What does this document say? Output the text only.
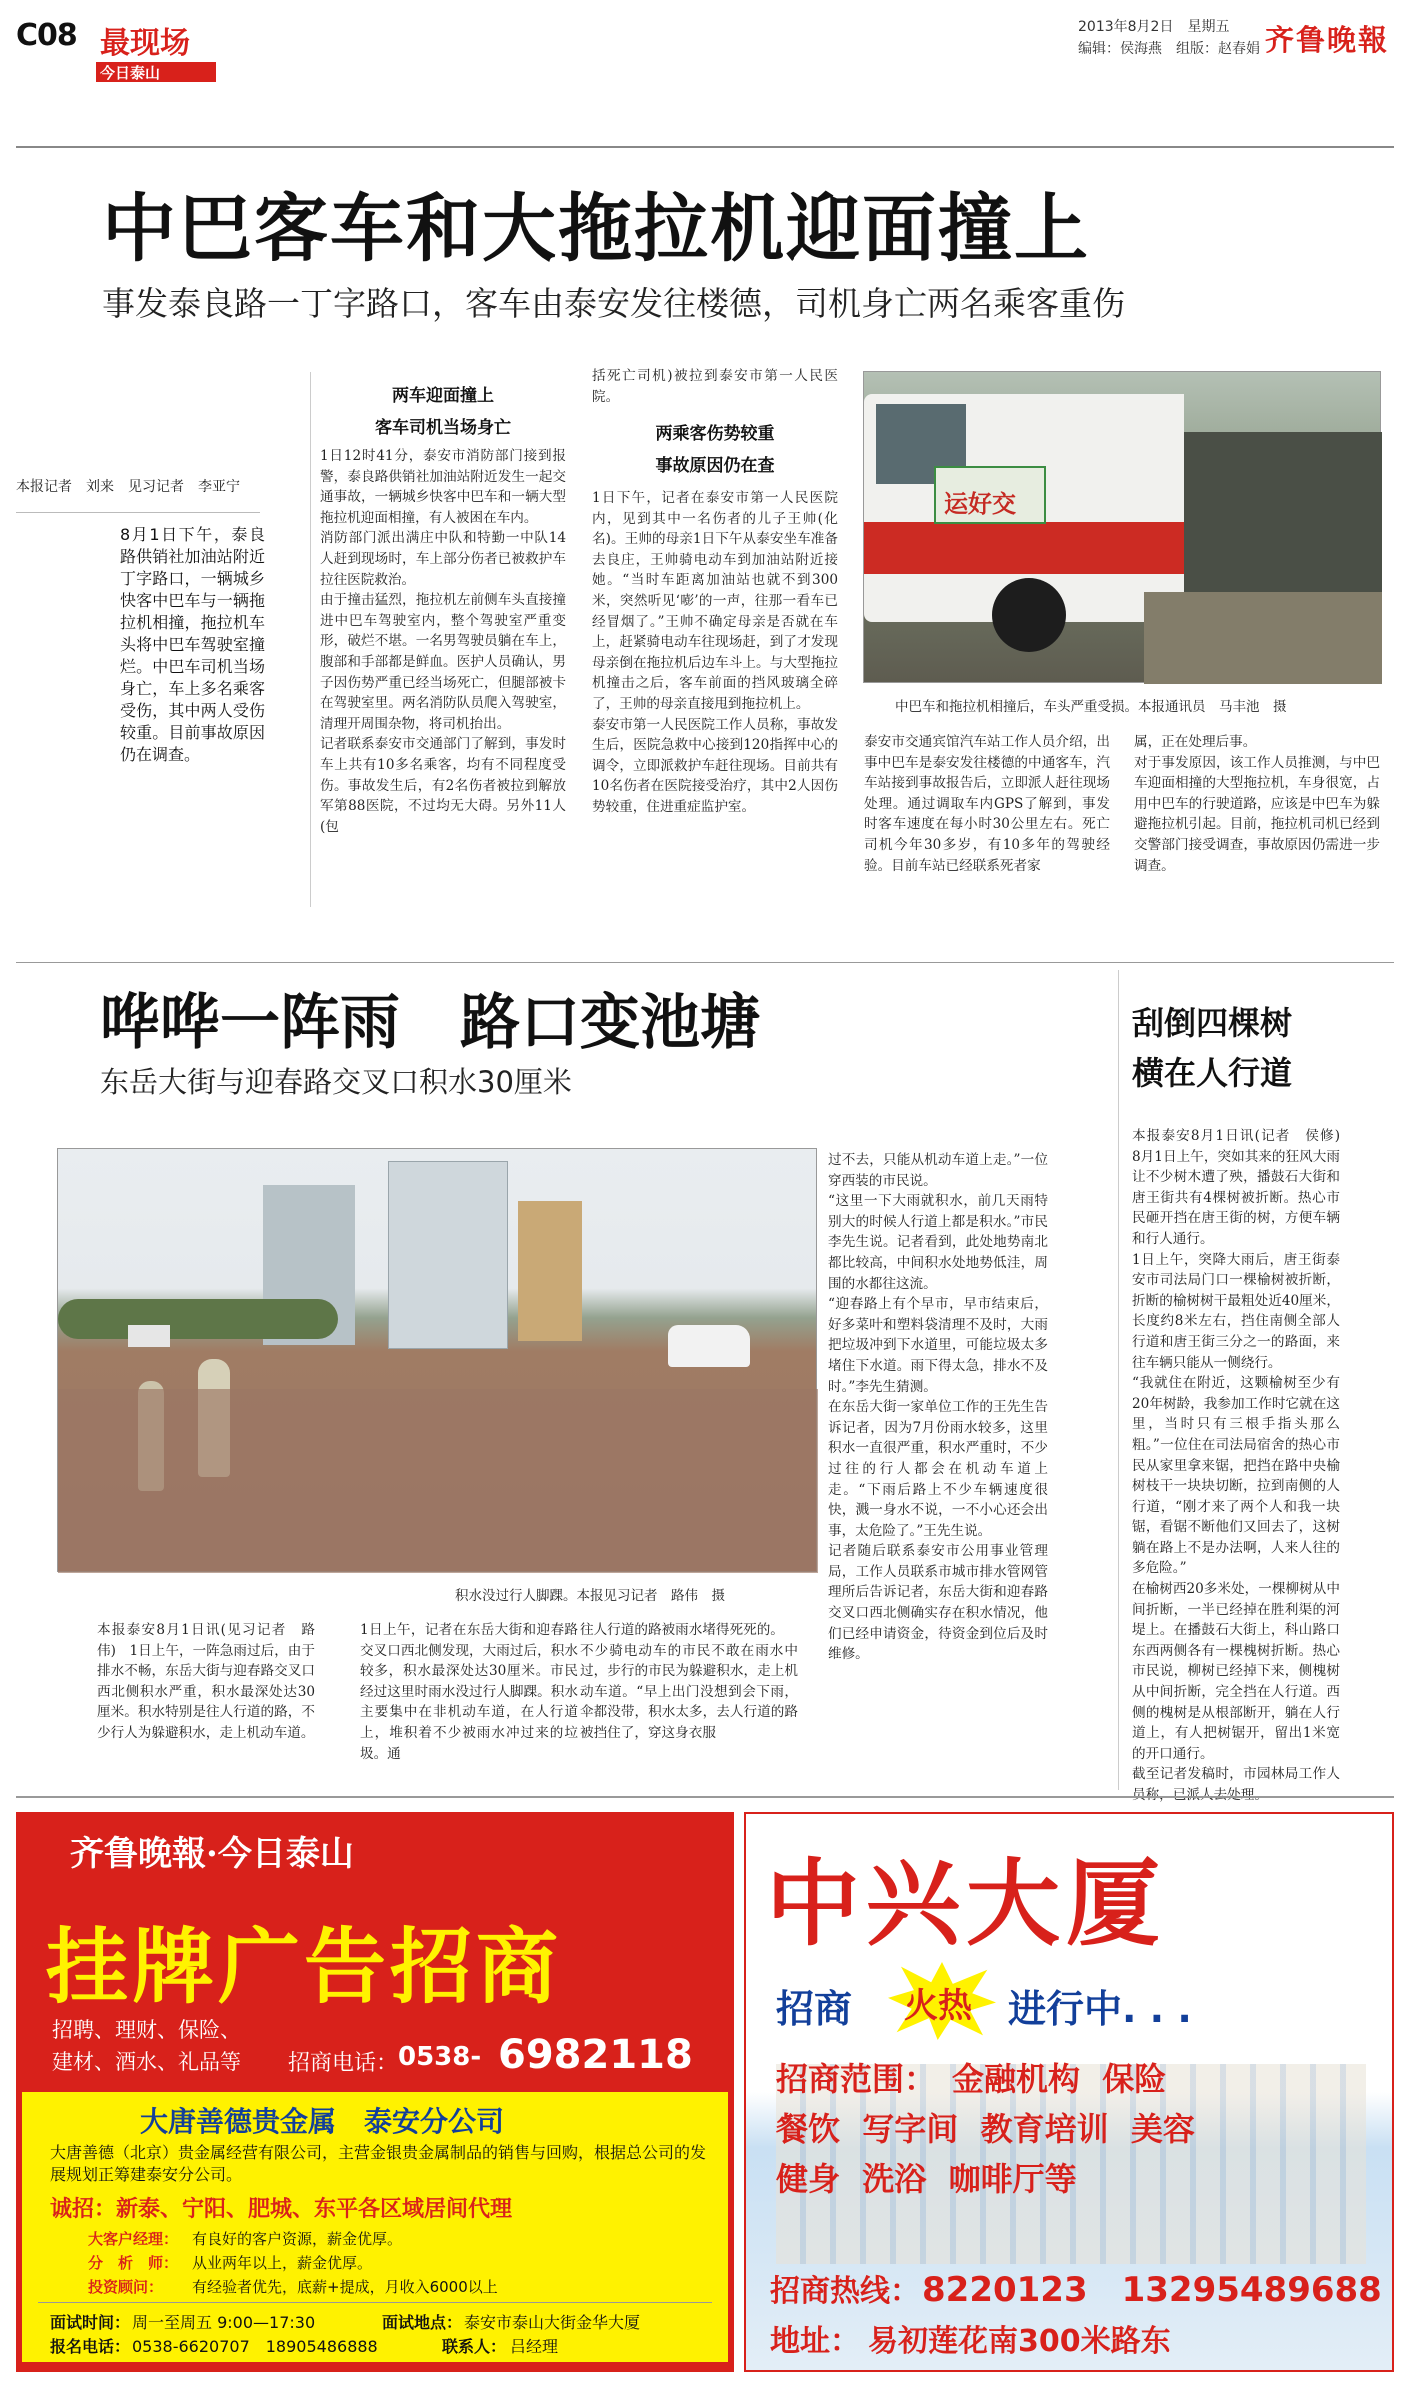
C08 最现场
今日泰山
2013年8月2日　星期五
编辑：侯海燕　组版：赵春娟 齐鲁晚報
中巴客车和大拖拉机迎面撞上
事发泰良路一丁字路口，客车由泰安发往楼德，司机身亡两名乘客重伤
本报记者　刘来　见习记者　李亚宁
8月1日下午，泰良路供销社加油站附近丁字路口，一辆城乡快客中巴车与一辆拖拉机相撞，拖拉机车头将中巴车驾驶室撞烂。中巴车司机当场身亡，车上多名乘客受伤，其中两人受伤较重。目前事故原因仍在调查。
两车迎面撞上
客车司机当场身亡
1日12时41分，泰安市消防部门接到报警，泰良路供销社加油站附近发生一起交通事故，一辆城乡快客中巴车和一辆大型拖拉机迎面相撞，有人被困在车内。
消防部门派出满庄中队和特勤一中队14人赶到现场时，车上部分伤者已被救护车拉往医院救治。
由于撞击猛烈，拖拉机左前侧车头直接撞进中巴车驾驶室内，整个驾驶室严重变形，破烂不堪。一名男驾驶员躺在车上，腹部和手部都是鲜血。医护人员确认，男子因伤势严重已经当场死亡，但腿部被卡在驾驶室里。两名消防队员爬入驾驶室，清理开周围杂物，将司机抬出。
记者联系泰安市交通部门了解到，事发时车上共有10多名乘客，均有不同程度受伤。事故发生后，有2名伤者被拉到解放军第88医院，不过均无大碍。另外11人(包
括死亡司机)被拉到泰安市第一人民医院。
两乘客伤势较重
事故原因仍在查
1日下午，记者在泰安市第一人民医院内，见到其中一名伤者的儿子王帅(化名)。王帅的母亲1日下午从泰安坐车准备去良庄，王帅骑电动车到加油站附近接她。“当时车距离加油站也就不到300米，突然听见‘嘭’的一声，往那一看车已经冒烟了。”王帅不确定母亲是否就在车上，赶紧骑电动车往现场赶，到了才发现母亲倒在拖拉机后边车斗上。与大型拖拉机撞击之后，客车前面的挡风玻璃全碎了，王帅的母亲直接甩到拖拉机上。
泰安市第一人民医院工作人员称，事故发生后，医院急救中心接到120指挥中心的调令，立即派救护车赶往现场。目前共有10名伤者在医院接受治疗，其中2人因伤势较重，住进重症监护室。
运好交
中巴车和拖拉机相撞后，车头严重受损。本报通讯员　马丰池　摄
泰安市交通宾馆汽车站工作人员介绍，出事中巴车是泰安发往楼德的中通客车，汽车站接到事故报告后，立即派人赶往现场处理。通过调取车内GPS了解到，事发时客车速度在每小时30公里左右。死亡司机今年30多岁，有10多年的驾驶经验。目前车站已经联系死者家
属，正在处理后事。
对于事发原因，该工作人员推测，与中巴车迎面相撞的大型拖拉机，车身很宽，占用中巴车的行驶道路，应该是中巴车为躲避拖拉机引起。目前，拖拉机司机已经到交警部门接受调查，事故原因仍需进一步调查。
哗哗一阵雨　路口变池塘
东岳大街与迎春路交叉口积水30厘米
积水没过行人脚踝。本报见习记者　路伟　摄
过不去，只能从机动车道上走。”一位穿西装的市民说。
“这里一下大雨就积水，前几天雨特别大的时候人行道上都是积水。”市民李先生说。记者看到，此处地势南北都比较高，中间积水处地势低洼，周围的水都往这流。
“迎春路上有个早市，早市结束后，好多菜叶和塑料袋清理不及时，大雨把垃圾冲到下水道里，可能垃圾太多堵住下水道。雨下得太急，排水不及时。”李先生猜测。
在东岳大街一家单位工作的王先生告诉记者，因为7月份雨水较多，这里积水一直很严重，积水严重时，不少过往的行人都会在机动车道上走。“下雨后路上不少车辆速度很快，溅一身水不说，一不小心还会出事，太危险了。”王先生说。
记者随后联系泰安市公用事业管理局，工作人员联系市城市排水管网管理所后告诉记者，东岳大街和迎春路交叉口西北侧确实存在积水情况，他们已经申请资金，待资金到位后及时维修。
本报泰安8月1日讯(见习记者　路伟)　1日上午，一阵急雨过后，由于排水不畅，东岳大街与迎春路交叉口西北侧积水严重，积水最深处达30厘米。积水特别是往人行道的路，不少行人为躲避积水，走上机动车道。
1日上午，记者在东岳大街和迎春路交叉口西北侧发现，大雨过后，积水较多，积水最深处达30厘米。市民经过这里时雨水没过行人脚踝。积水主要集中在非机动车道，在人行道上，堆积着不少被雨水冲过来的垃圾。通
往人行道的路被雨水堵得死死的。
不少骑电动车的市民不敢在雨水中过，步行的市民为躲避积水，走上机动车道。“早上出门没想到会下雨，伞都没带，积水太多，去人行道的路被挡住了，穿这身衣服
刮倒四棵树
横在人行道
本报泰安8月1日讯(记者　侯修)　8月1日上午，突如其来的狂风大雨让不少树木遭了殃，播鼓石大街和唐王街共有4棵树被折断。热心市民砸开挡在唐王街的树，方便车辆和行人通行。
1日上午，突降大雨后，唐王街泰安市司法局门口一棵榆树被折断，折断的榆树树干最粗处近40厘米，长度约8米左右，挡住南侧全部人行道和唐王街三分之一的路面，来往车辆只能从一侧绕行。
“我就住在附近，这颗榆树至少有20年树龄，我参加工作时它就在这里，当时只有三根手指头那么粗。”一位住在司法局宿舍的热心市民从家里拿来锯，把挡在路中央榆树枝干一块块切断，拉到南侧的人行道，“刚才来了两个人和我一块锯，看锯不断他们又回去了，这树躺在路上不是办法啊，人来人往的多危险。”
在榆树西20多米处，一棵柳树从中间折断，一半已经掉在胜利渠的河堤上。在播鼓石大街上，科山路口东西两侧各有一棵槐树折断。热心市民说，柳树已经掉下来，侧槐树从中间折断，完全挡在人行道。西侧的槐树是从根部断开，躺在人行道上，有人把树锯开，留出1米宽的开口通行。
截至记者发稿时，市园林局工作人员称，已派人去处理。
齐鲁晚報·今日泰山
挂牌广告招商
招聘、理财、保险、
建材、酒水、礼品等 招商电话： 0538- 6982118
大唐善德贵金属　泰安分公司
大唐善德（北京）贵金属经营有限公司，主营金银贵金属制品的销售与回购，根据总公司的发展规划正筹建泰安分公司。
诚招： 新泰、宁阳、肥城、东平各区域居间代理
大客户经理： 有良好的客户资源，薪金优厚。
分　析　师： 从业两年以上，薪金优厚。
投资顾问： 有经验者优先，底薪+提成，月收入6000以上
面试时间： 周一至周五 9:00—17:30	面试地点： 泰安市泰山大街金华大厦
报名电话： 0538-6620707　18905486888	联系人： 吕经理
中兴大厦
招商 火热 进行中. . .
招商范围： 金融机构  保险
餐饮  写字间  教育培训  美容
健身  洗浴  咖啡厅等
招商热线： 8220123　13295489688
地址： 易初莲花南300米路东
